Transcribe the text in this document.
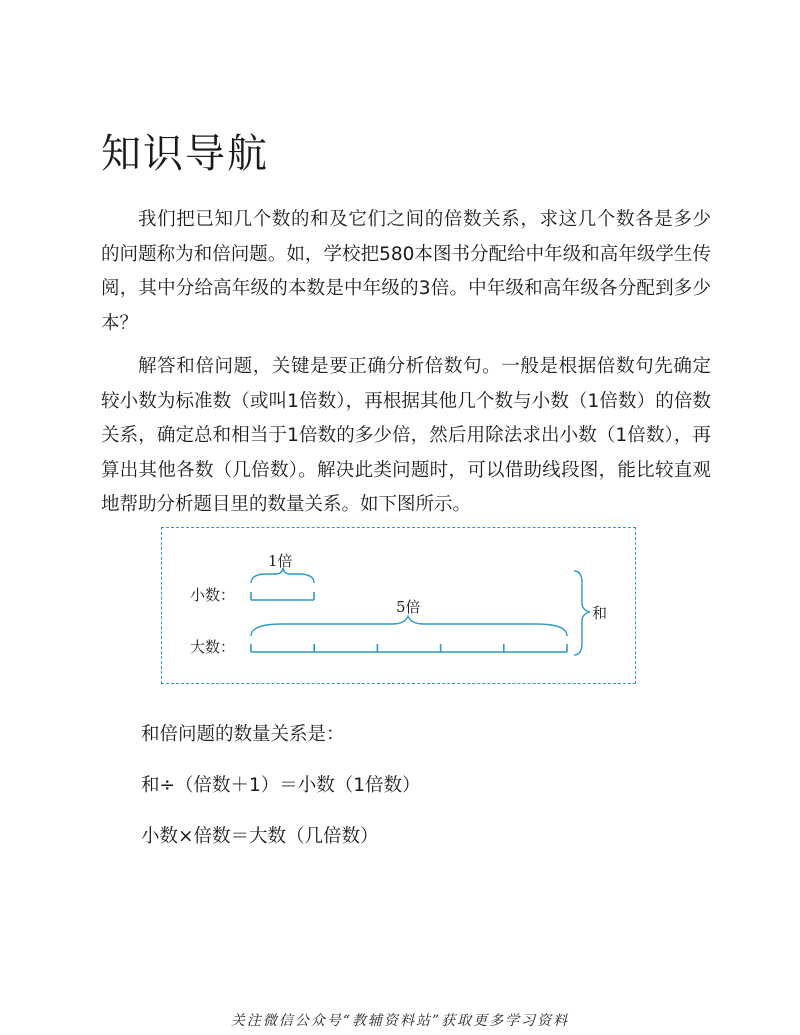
知识导航

我们把已知几个数的和及它们之间的倍数关系，求这几个数各是多少的问题称为和倍问题。如，学校把580本图书分配给中年级和高年级学生传阅，其中分给高年级的本数是中年级的3倍。中年级和高年级各分配到多少本？

解答和倍问题，关键是要正确分析倍数句。一般是根据倍数句先确定较小数为标准数（或叫1倍数），再根据其他几个数与小数（1倍数）的倍数关系，确定总和相当于1倍数的多少倍，然后用除法求出小数（1倍数），再算出其他各数（几倍数）。解决此类问题时，可以借助线段图，能比较直观地帮助分析题目里的数量关系。如下图所示。

小数：
大数：
1倍
5倍	和

和倍问题的数量关系是：

和÷（倍数＋1）＝小数（1倍数）

小数×倍数＝大数（几倍数）

关注微信公众号“教辅资料站”获取更多学习资料
